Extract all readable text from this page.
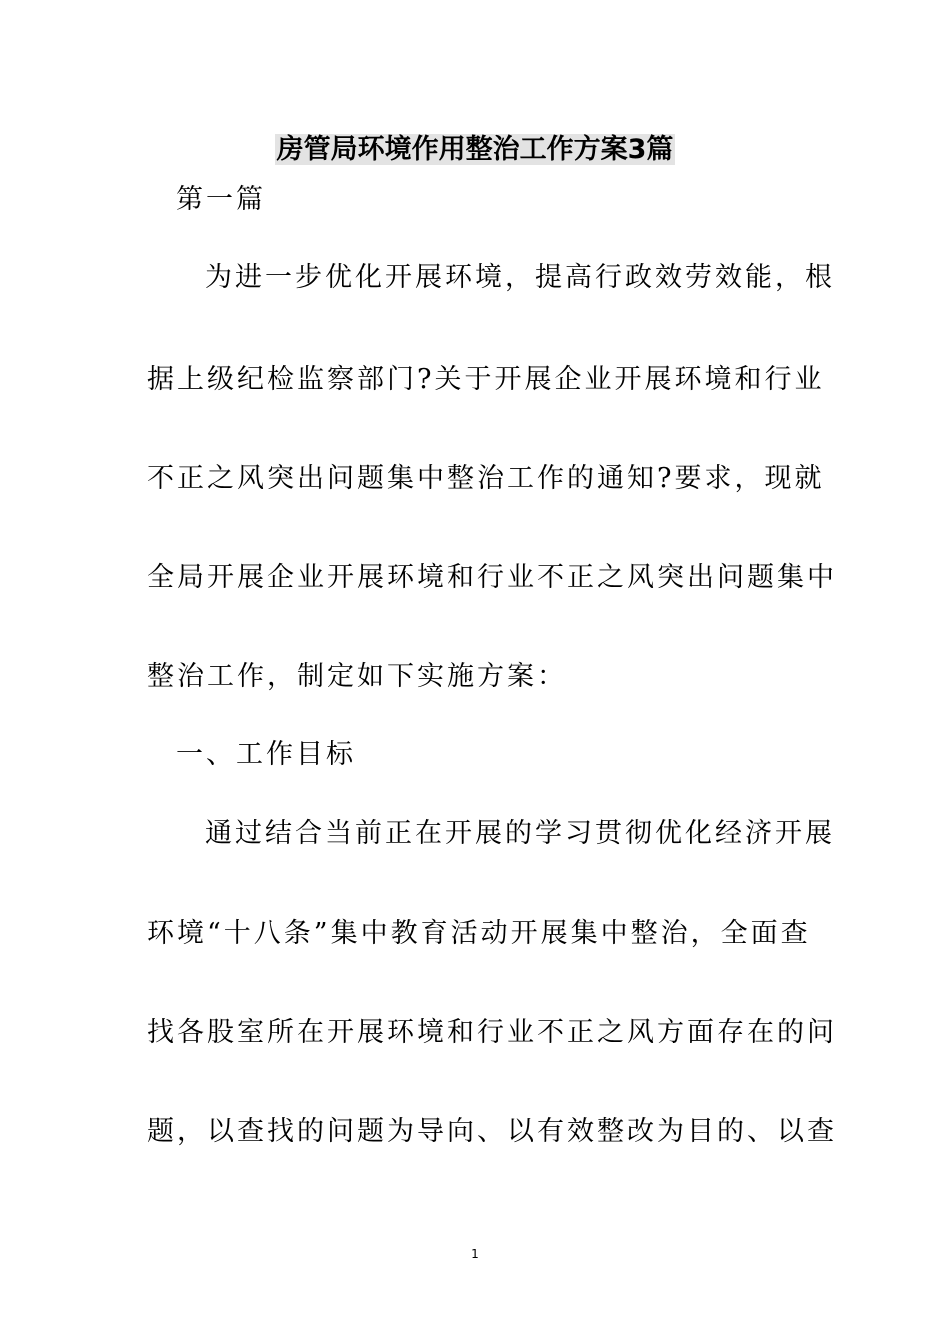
房管局环境作用整治工作方案3篇
第一篇
为进一步优化开展环境，提高行政效劳效能，根
据上级纪检监察部门?关于开展企业开展环境和行业
不正之风突出问题集中整治工作的通知?要求，现就
全局开展企业开展环境和行业不正之风突出问题集中
整治工作，制定如下实施方案：
一、工作目标
通过结合当前正在开展的学习贯彻优化经济开展
环境“十八条”集中教育活动开展集中整治，全面查
找各股室所在开展环境和行业不正之风方面存在的问
题，以查找的问题为导向、以有效整改为目的、以查
1
